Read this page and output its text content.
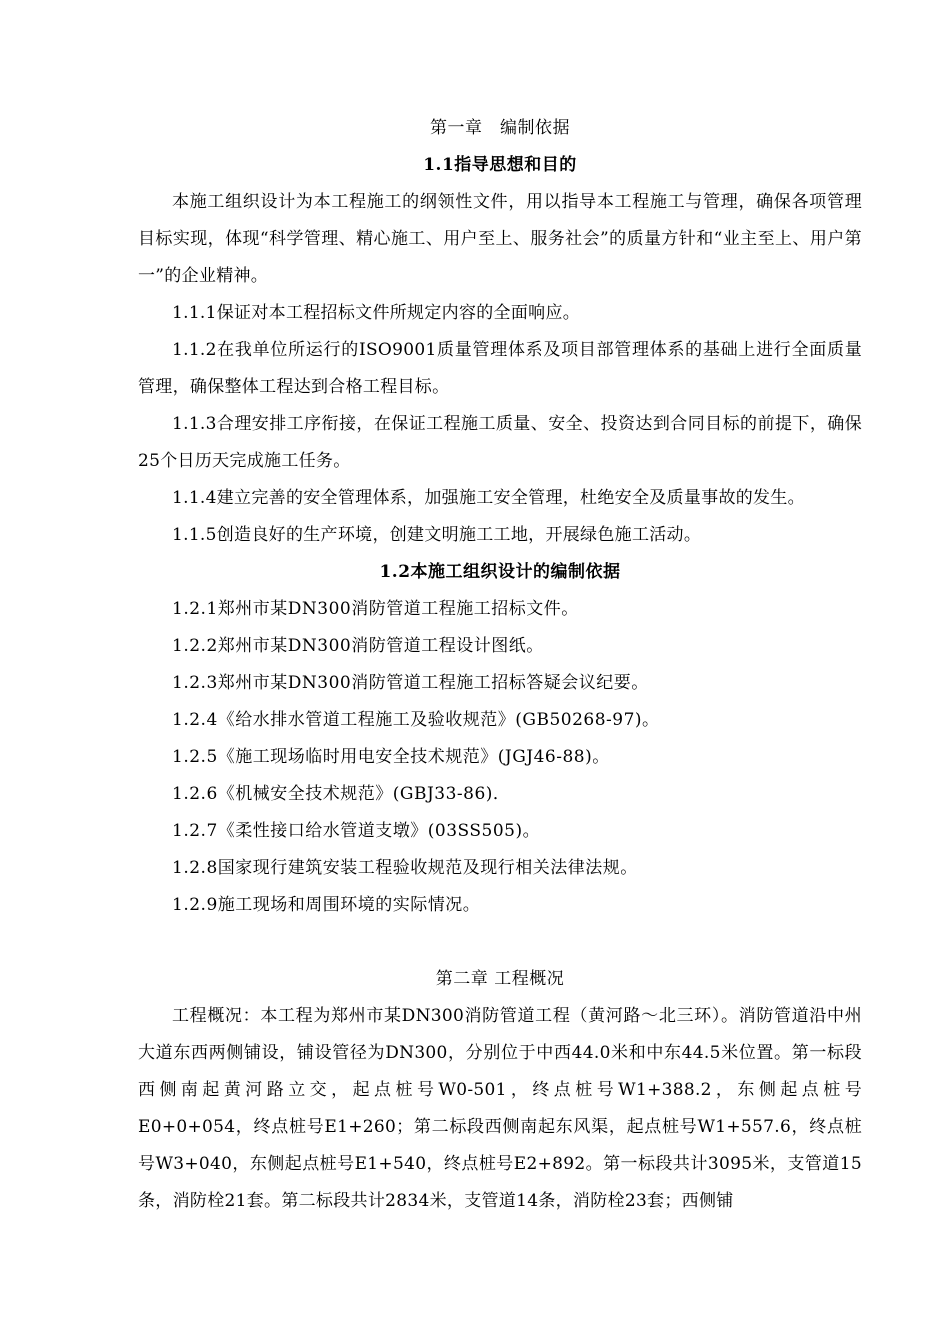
第一章　编制依据
1.1指导思想和目的

本施工组织设计为本工程施工的纲领性文件，用以指导本工程施工与管理，确保各项管理目标实现，体现“科学管理、精心施工、用户至上、服务社会”的质量方针和“业主至上、用户第一”的企业精神。

1.1.1保证对本工程招标文件所规定内容的全面响应。

1.1.2在我单位所运行的ISO9001质量管理体系及项目部管理体系的基础上进行全面质量管理，确保整体工程达到合格工程目标。

1.1.3合理安排工序衔接，在保证工程施工质量、安全、投资达到合同目标的前提下，确保25个日历天完成施工任务。

1.1.4建立完善的安全管理体系，加强施工安全管理，杜绝安全及质量事故的发生。

1.1.5创造良好的生产环境，创建文明施工工地，开展绿色施工活动。

1.2本施工组织设计的编制依据
1.2.1郑州市某DN300消防管道工程施工招标文件。
1.2.2郑州市某DN300消防管道工程设计图纸。
1.2.3郑州市某DN300消防管道工程施工招标答疑会议纪要。
1.2.4《给水排水管道工程施工及验收规范》(GB50268-97)。
1.2.5《施工现场临时用电安全技术规范》(JGJ46-88)。
1.2.6《机械安全技术规范》(GBJ33-86)．
1.2.7《柔性接口给水管道支墩》(03SS505)。
1.2.8国家现行建筑安装工程验收规范及现行相关法律法规。
1.2.9施工现场和周围环境的实际情况。
第二章 工程概况

工程概况：本工程为郑州市某DN300消防管道工程（黄河路～北三环）。消防管道沿中州大道东西两侧铺设，铺设管径为DN300，分别位于中西44.0米和中东44.5米位置。第一标段西侧南起黄河路立交，起点桩号W0-501，终点桩号W1+388.2，东侧起点桩号E0+0+054，终点桩号E1+260；第二标段西侧南起东风渠，起点桩号W1+557.6，终点桩号W3+040，东侧起点桩号E1+540，终点桩号E2+892。第一标段共计3095米，支管道15条，消防栓21套。第二标段共计2834米，支管道14条，消防栓23套；西侧铺
